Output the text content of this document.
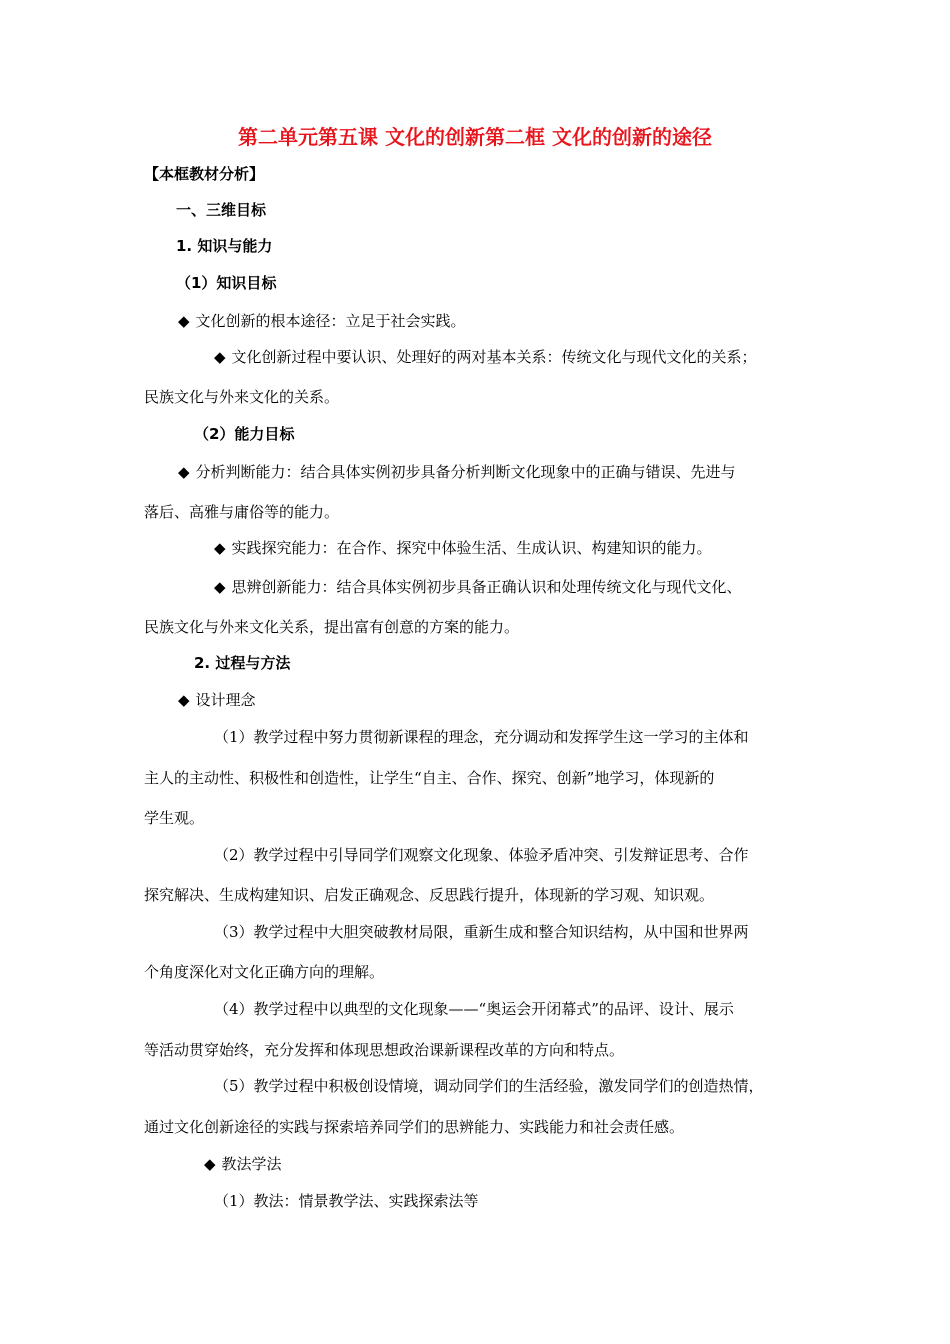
第二单元第五课 文化的创新第二框 文化的创新的途径
【本框教材分析】
一、三维目标
1. 知识与能力
（1）知识目标
◆ 文化创新的根本途径：立足于社会实践。
◆ 文化创新过程中要认识、处理好的两对基本关系：传统文化与现代文化的关系；
民族文化与外来文化的关系。
（2）能力目标
◆ 分析判断能力：结合具体实例初步具备分析判断文化现象中的正确与错误、先进与
落后、高雅与庸俗等的能力。
◆ 实践探究能力：在合作、探究中体验生活、生成认识、构建知识的能力。
◆ 思辨创新能力：结合具体实例初步具备正确认识和处理传统文化与现代文化、
民族文化与外来文化关系，提出富有创意的方案的能力。
2. 过程与方法
◆ 设计理念
（1）教学过程中努力贯彻新课程的理念，充分调动和发挥学生这一学习的主体和
主人的主动性、积极性和创造性，让学生“自主、合作、探究、创新”地学习，体现新的
学生观。
（2）教学过程中引导同学们观察文化现象、体验矛盾冲突、引发辩证思考、合作
探究解决、生成构建知识、启发正确观念、反思践行提升，体现新的学习观、知识观。
（3）教学过程中大胆突破教材局限，重新生成和整合知识结构，从中国和世界两
个角度深化对文化正确方向的理解。
（4）教学过程中以典型的文化现象——“奥运会开闭幕式”的品评、设计、展示
等活动贯穿始终，充分发挥和体现思想政治课新课程改革的方向和特点。
（5）教学过程中积极创设情境，调动同学们的生活经验，激发同学们的创造热情，
通过文化创新途径的实践与探索培养同学们的思辨能力、实践能力和社会责任感。
◆ 教法学法
（1）教法：情景教学法、实践探索法等
